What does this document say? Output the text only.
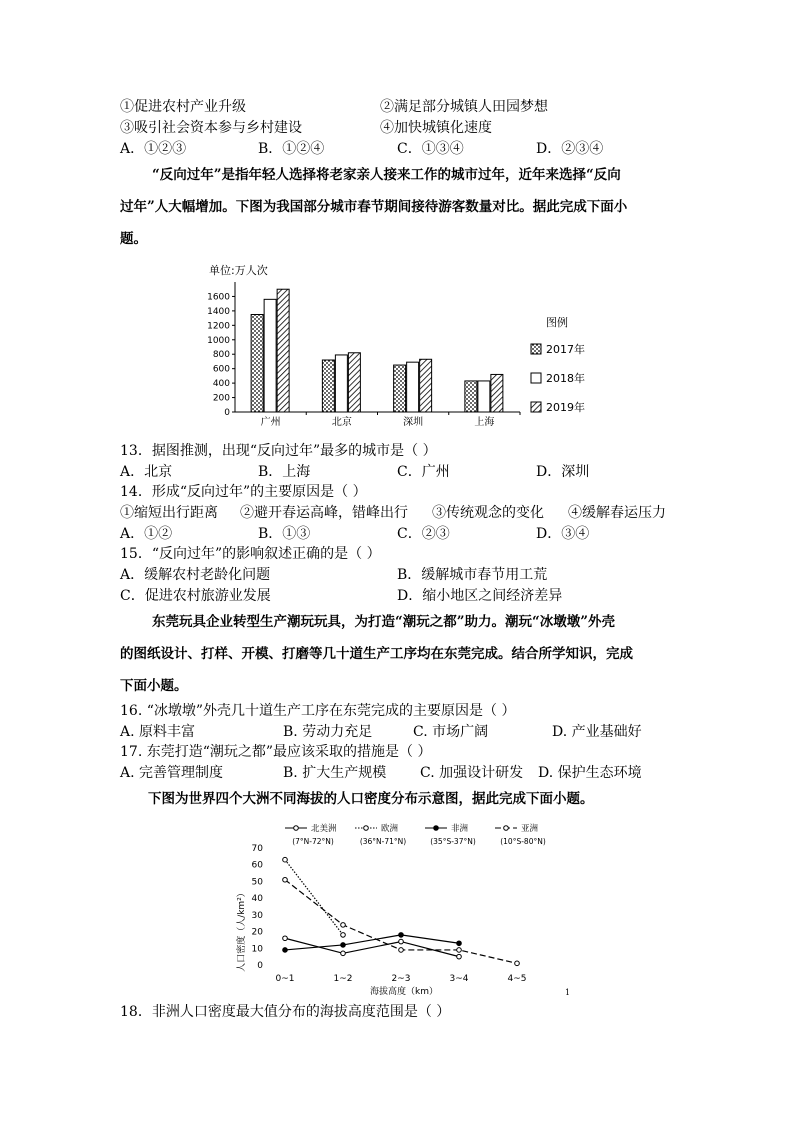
①促进农村产业升级	②满足部分城镇人田园梦想
③吸引社会资本参与乡村建设	④加快城镇化速度
A．①②③	B．①②④	C．①③④	D．②③④
“反向过年”是指年轻人选择将老家亲人接来工作的城市过年，近年来选择“反向
过年”人大幅增加。下图为我国部分城市春节期间接待游客数量对比。据此完成下面小
题。
单位:万人次
0
200
400
600
800
1000
1200
1400
1600
广州	北京	深圳	上海
图例
2017年
2018年
2019年
13．据图推测，出现“反向过年”最多的城市是（ ）
A．北京	B．上海	C．广州	D．深圳
14．形成“反向过年”的主要原因是（ ）
①缩短出行距离 ②避开春运高峰，错峰出行 ③传统观念的变化 ④缓解春运压力
A．①②	B．①③	C．②③	D．③④
15．“反向过年”的影响叙述正确的是（ ）
A．缓解农村老龄化问题	B．缓解城市春节用工荒
C．促进农村旅游业发展	D．缩小地区之间经济差异
东莞玩具企业转型生产潮玩玩具，为打造“潮玩之都”助力。潮玩“冰墩墩”外壳
的图纸设计、打样、开模、打磨等几十道生产工序均在东莞完成。结合所学知识，完成
下面小题。
16. “冰墩墩”外壳几十道生产工序在东莞完成的主要原因是（ ）
A. 原料丰富	B. 劳动力充足	C. 市场广阔	D. 产业基础好
17. 东莞打造“潮玩之都”最应该采取的措施是（ ）
A. 完善管理制度	B. 扩大生产规模 C. 加强设计研发 D. 保护生态环境
下图为世界四个大洲不同海拔的人口密度分布示意图，据此完成下面小题。
北美洲
(7°N-72°N)
欧洲
(36°N-71°N)
非洲
(35°S-37°N)
亚洲
(10°S-80°N)
人口密度（人/km²）
海拔高度（km）
0
10
20
30
40
50
60
70
0~1	1~2	2~3	3~4	4~5
1
18．非洲人口密度最大值分布的海拔高度范围是（ ）
